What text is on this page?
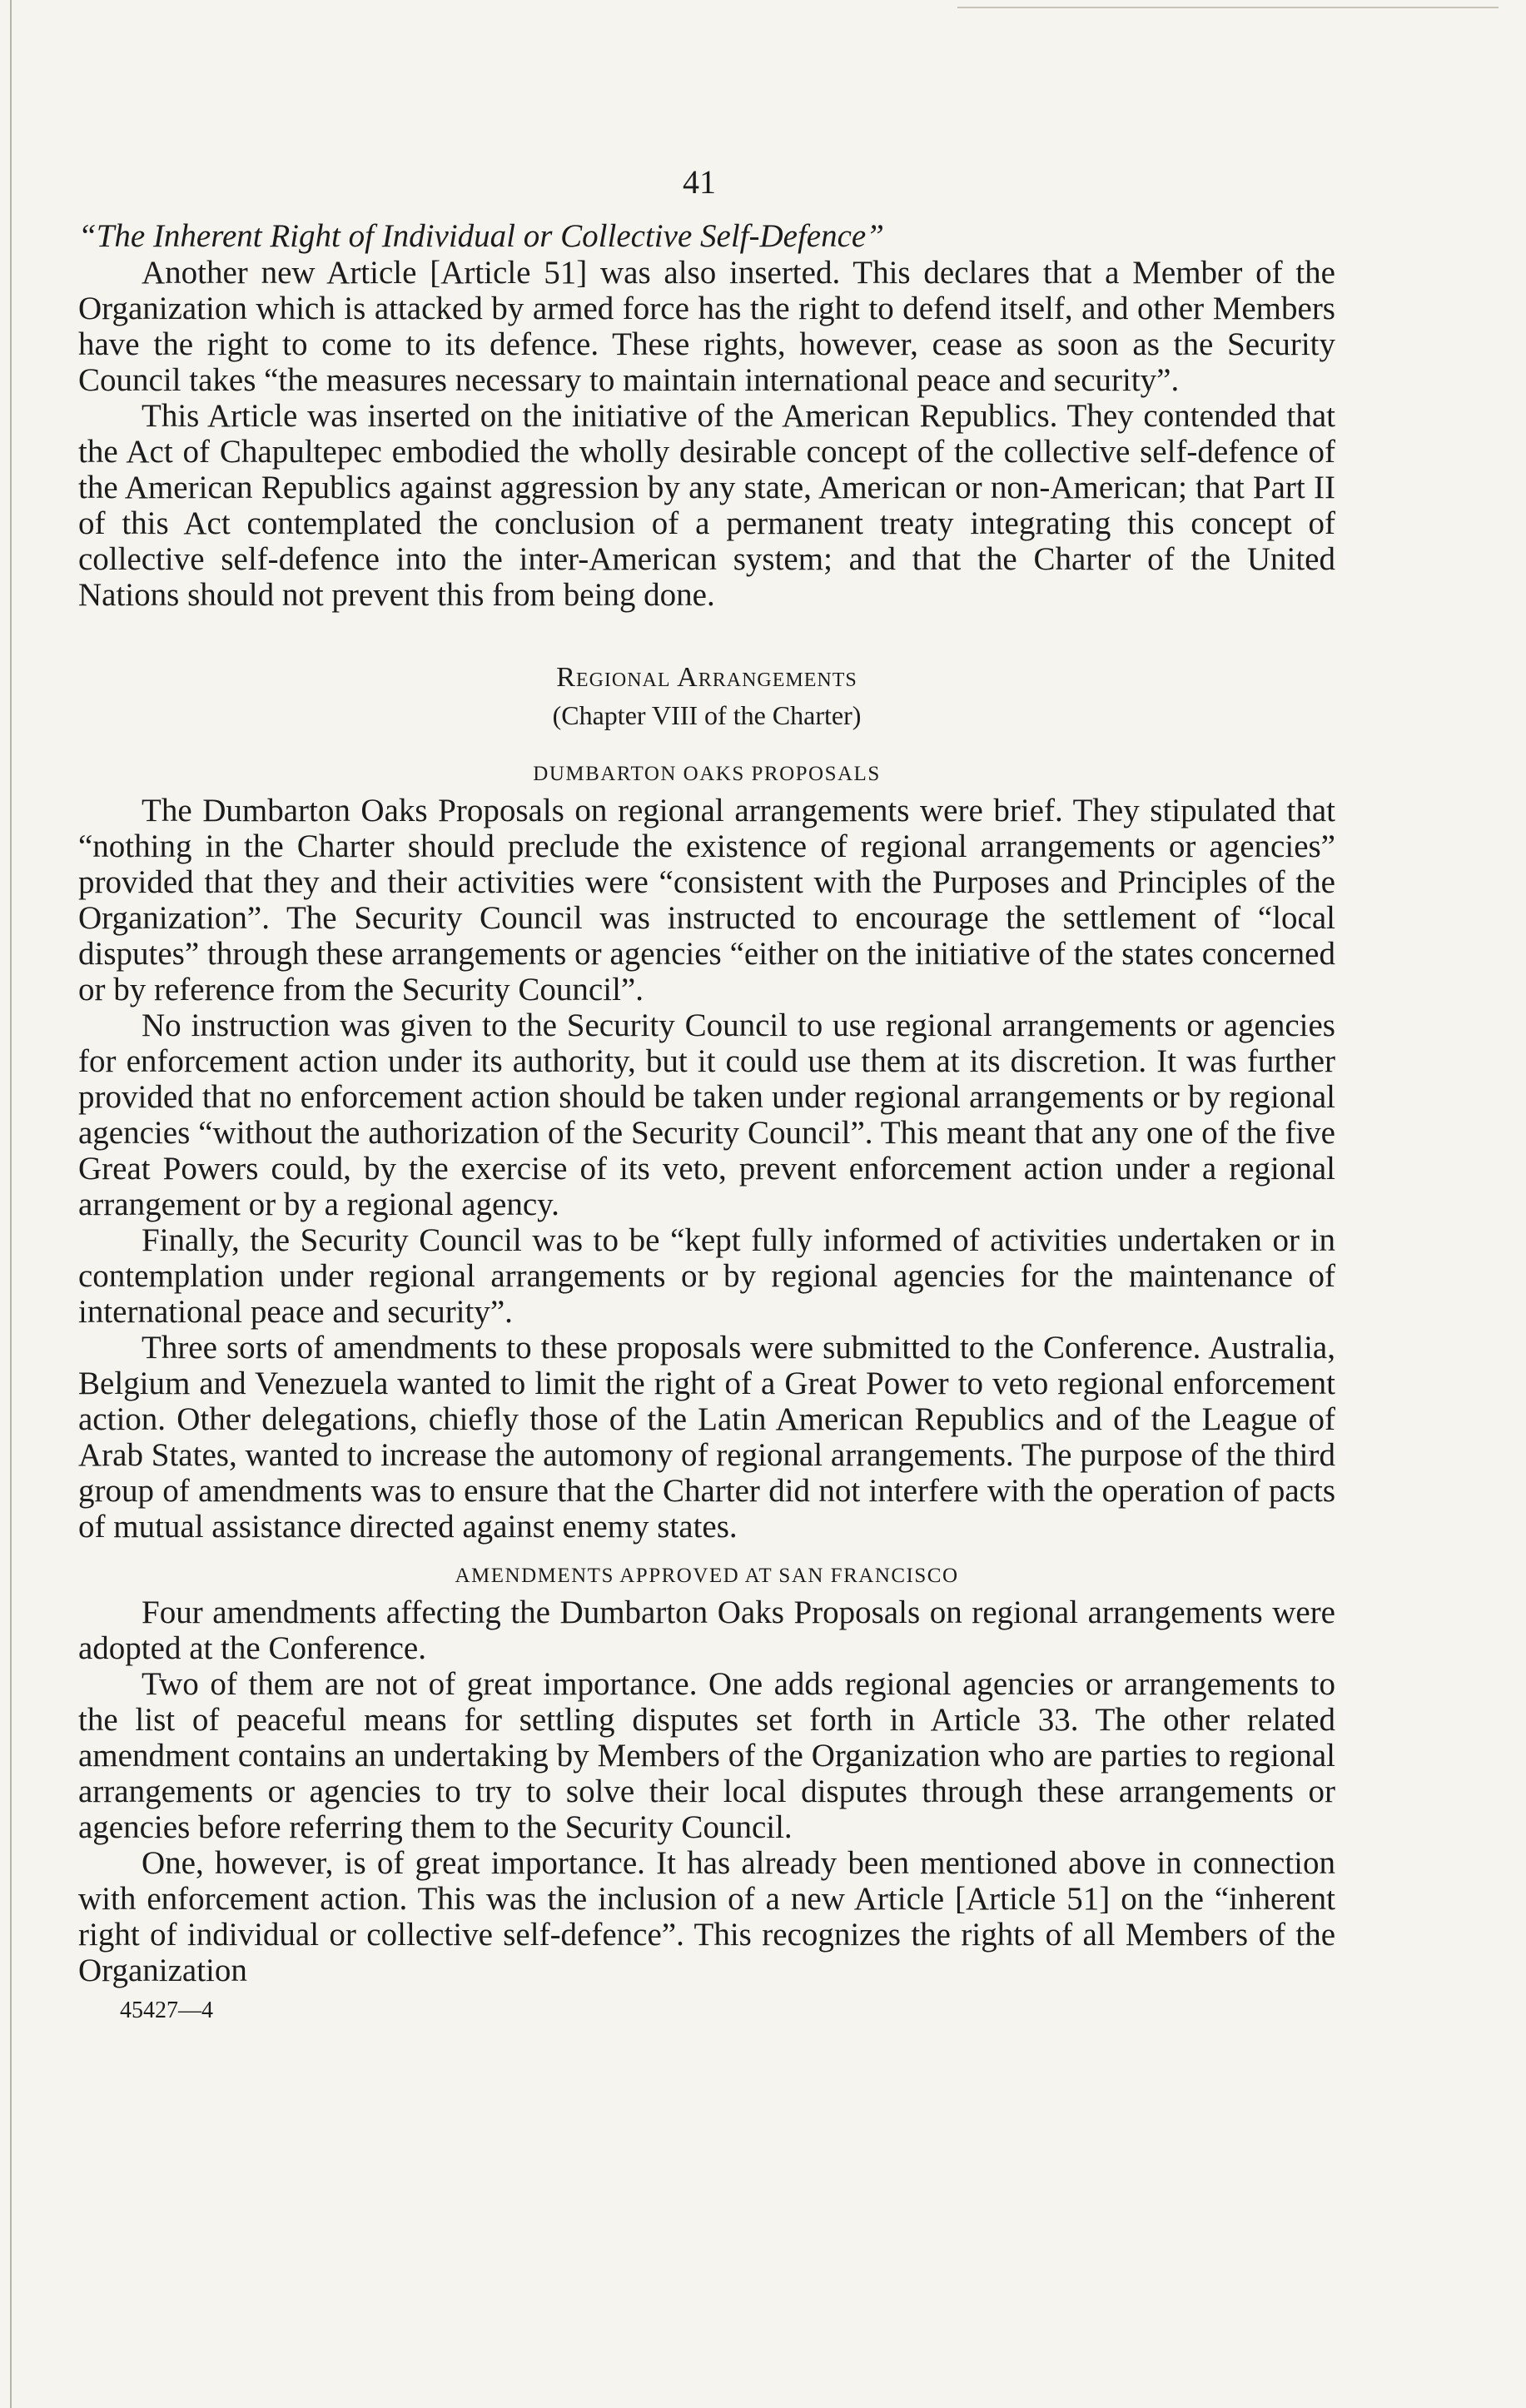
41

“The Inherent Right of Individual or Collective Self-Defence”

Another new Article [Article 51] was also inserted. This declares that a Member of the Organization which is attacked by armed force has the right to defend itself, and other Members have the right to come to its defence. These rights, however, cease as soon as the Security Council takes “the measures necessary to maintain international peace and security”.

This Article was inserted on the initiative of the American Republics. They contended that the Act of Chapultepec embodied the wholly desirable concept of the collective self-defence of the American Republics against aggression by any state, American or non-American; that Part II of this Act contemplated the conclusion of a permanent treaty integrating this concept of collective self-defence into the inter-American system; and that the Charter of the United Nations should not prevent this from being done.

Regional Arrangements
(Chapter VIII of the Charter)
DUMBARTON OAKS PROPOSALS

The Dumbarton Oaks Proposals on regional arrangements were brief. They stipulated that “nothing in the Charter should preclude the existence of regional arrangements or agencies” provided that they and their activities were “consistent with the Purposes and Principles of the Organization”. The Security Council was instructed to encourage the settlement of “local disputes” through these arrangements or agencies “either on the initiative of the states concerned or by reference from the Security Council”.

No instruction was given to the Security Council to use regional arrangements or agencies for enforcement action under its authority, but it could use them at its discretion. It was further provided that no enforcement action should be taken under regional arrangements or by regional agencies “without the authorization of the Security Council”. This meant that any one of the five Great Powers could, by the exercise of its veto, prevent enforcement action under a regional arrangement or by a regional agency.

Finally, the Security Council was to be “kept fully informed of activities undertaken or in contemplation under regional arrangements or by regional agencies for the maintenance of international peace and security”.

Three sorts of amendments to these proposals were submitted to the Conference. Australia, Belgium and Venezuela wanted to limit the right of a Great Power to veto regional enforcement action. Other delegations, chiefly those of the Latin American Republics and of the League of Arab States, wanted to increase the automony of regional arrangements. The purpose of the third group of amendments was to ensure that the Charter did not interfere with the operation of pacts of mutual assistance directed against enemy states.

AMENDMENTS APPROVED AT SAN FRANCISCO

Four amendments affecting the Dumbarton Oaks Proposals on regional arrangements were adopted at the Conference.

Two of them are not of great importance. One adds regional agencies or arrangements to the list of peaceful means for settling disputes set forth in Article 33. The other related amendment contains an undertaking by Members of the Organization who are parties to regional arrangements or agencies to try to solve their local disputes through these arrangements or agencies before referring them to the Security Council.

One, however, is of great importance. It has already been mentioned above in connection with enforcement action. This was the inclusion of a new Article [Article 51] on the “inherent right of individual or collective self-defence”. This recognizes the rights of all Members of the Organization

45427—4
